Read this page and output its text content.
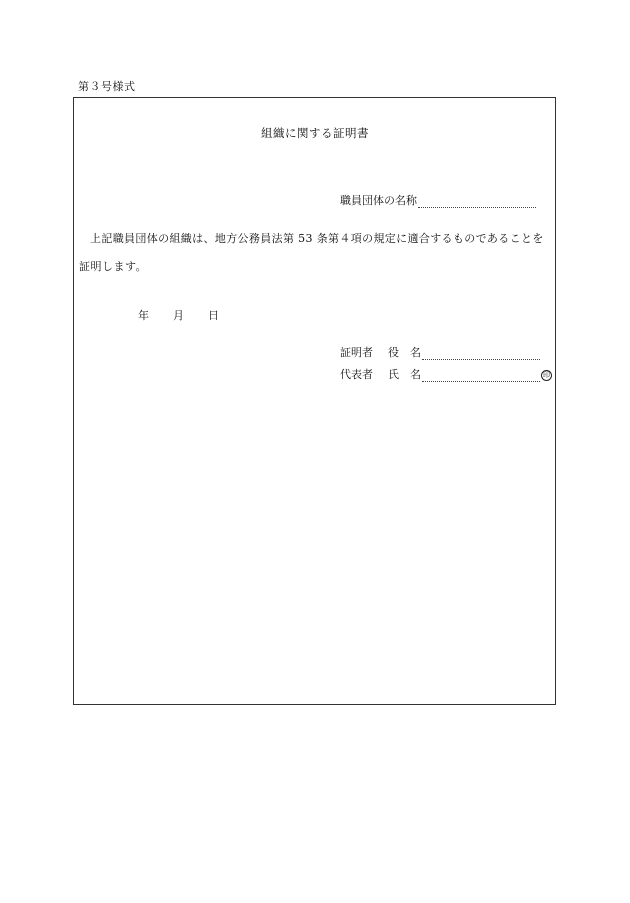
第３号様式
組織に関する証明書
職員団体の名称
上記職員団体の組織は、地方公務員法第 53 条第４項の規定に適合するものであることを
証明します。
年 月 日
証明者	役	名
代表者	氏	名	印
